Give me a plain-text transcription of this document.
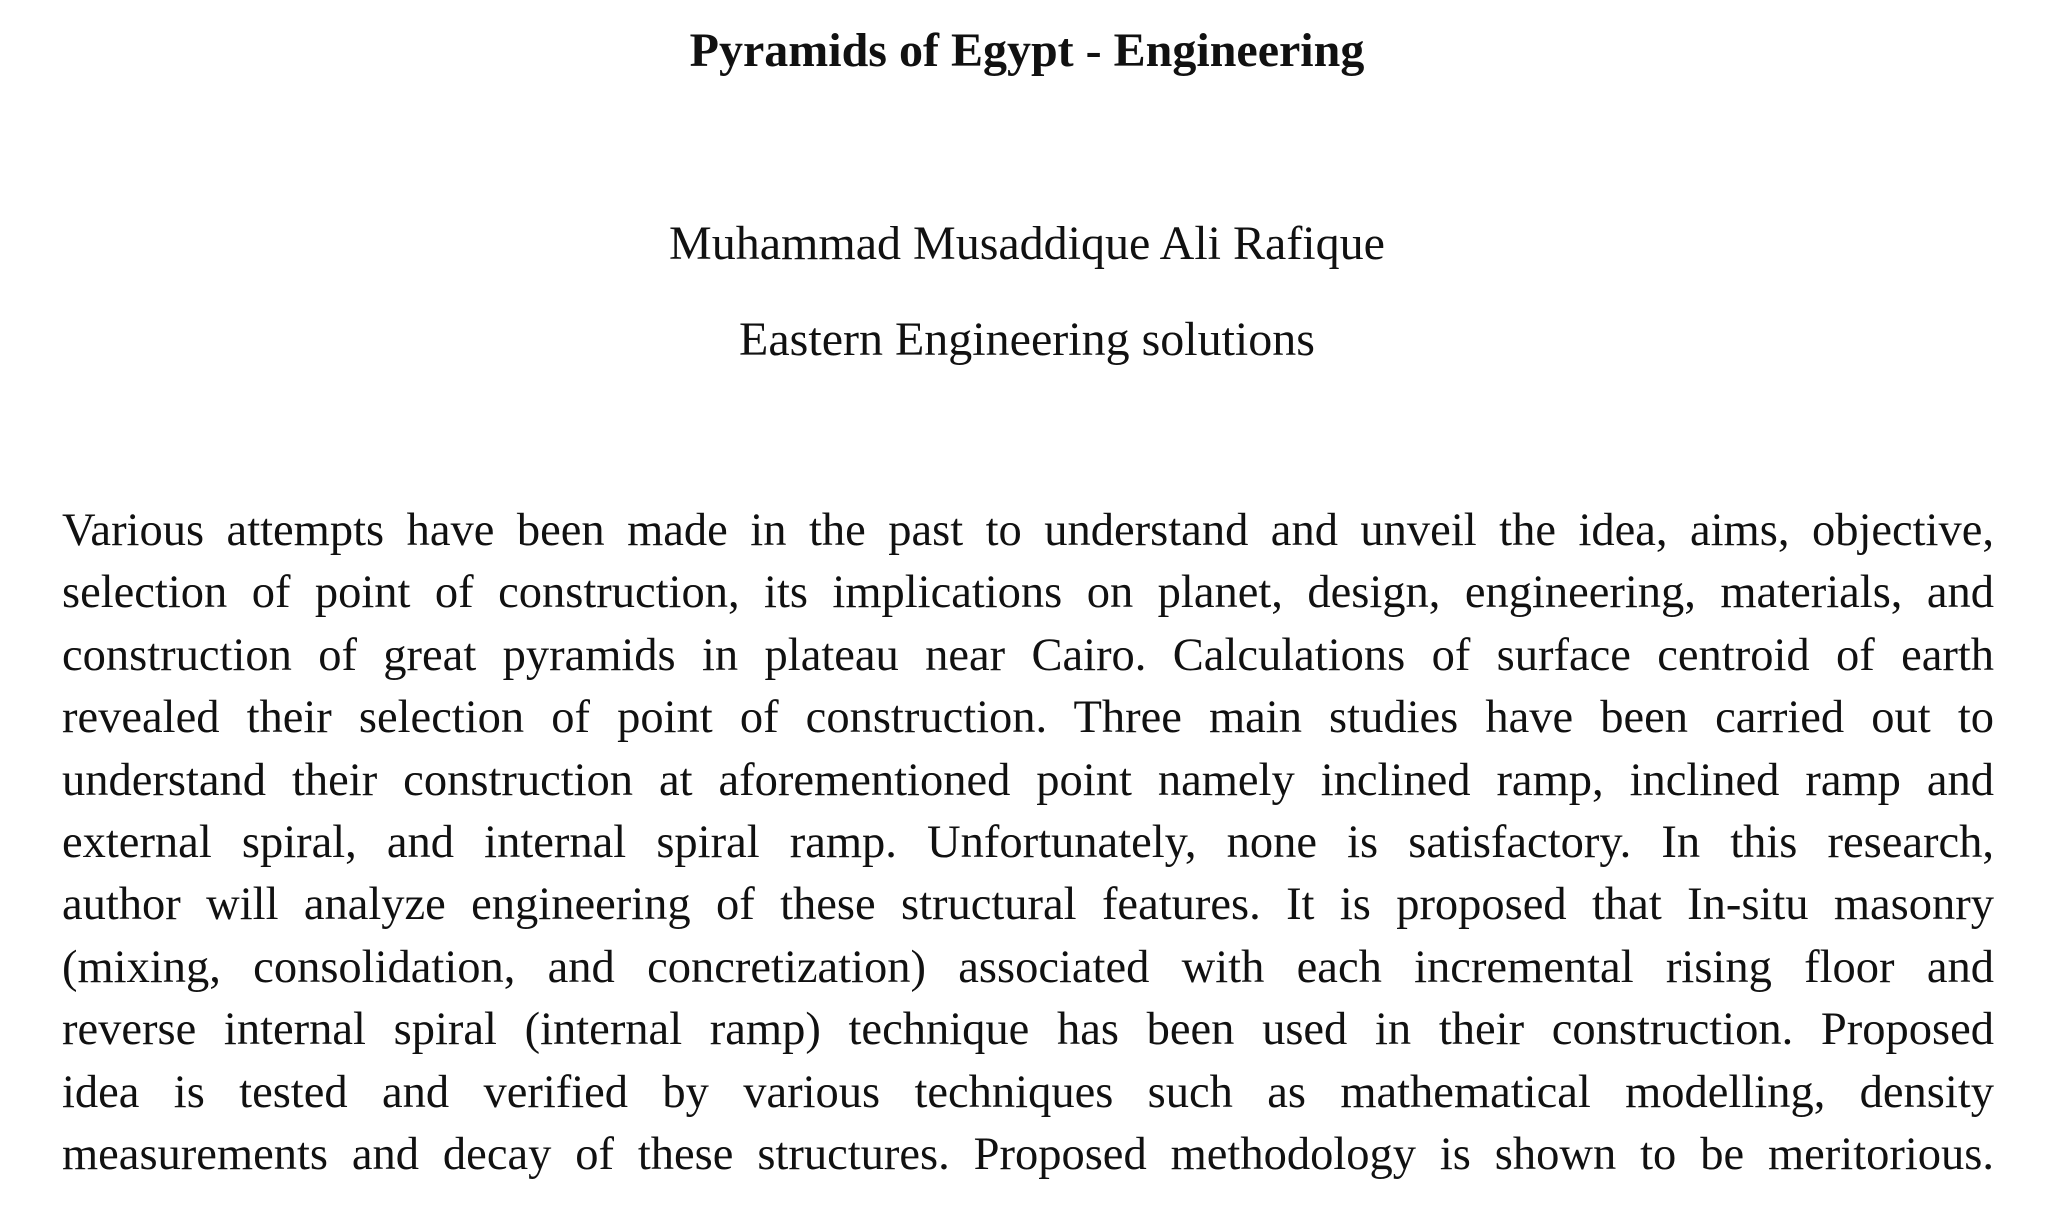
Pyramids of Egypt - Engineering

Muhammad Musaddique Ali Rafique

Eastern Engineering solutions

Various attempts have been made in the past to understand and unveil the idea, aims, objective,
selection of point of construction, its implications on planet, design, engineering, materials, and
construction of great pyramids in plateau near Cairo. Calculations of surface centroid of earth
revealed their selection of point of construction. Three main studies have been carried out to
understand their construction at aforementioned point namely inclined ramp, inclined ramp and
external spiral, and internal spiral ramp. Unfortunately, none is satisfactory. In this research,
author will analyze engineering of these structural features. It is proposed that In-situ masonry
(mixing, consolidation, and concretization) associated with each incremental rising floor and
reverse internal spiral (internal ramp) technique has been used in their construction. Proposed
idea is tested and verified by various techniques such as mathematical modelling, density
measurements and decay of these structures. Proposed methodology is shown to be meritorious.
